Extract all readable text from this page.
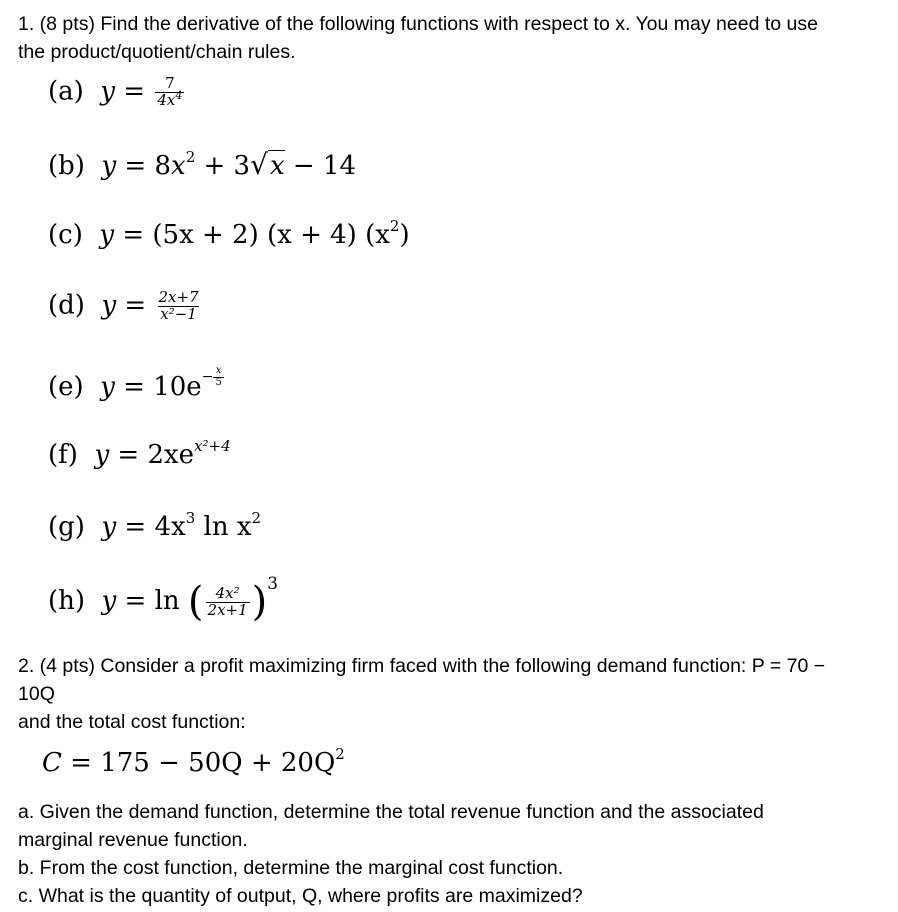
1. (8 pts) Find the derivative of the following functions with respect to x. You may need to use
the product/quotient/chain rules.
(a)  $y = \frac{7}{4x^4}$
(b)  $y = 8x^2 + 3√x - 14$
(c)  y = (5x + 2) (x + 4) $(x^2)$
(d)  $y = \frac{2x+7}{\text{x²−1}}$
(e)  $y = 10e^{- \frac{x}{5}}$
(f)  $y = 2xe^{x^2+4}$
(g)  $y = 4x^3$ $\ln x^2$
(h)  y = ln ( $\frac{\text{4x²}}{2x+1} )^3$
2. (4 pts) Consider a profit maximizing firm faced with the following demand function: P = 70 −
10Q
and the total cost function:
$C = 175 - 50Q + 20Q^2$
a. Given the demand function, determine the total revenue function and the associated
marginal revenue function.
b. From the cost function, determine the marginal cost function.
c. What is the quantity of output, Q, where profits are maximized?
